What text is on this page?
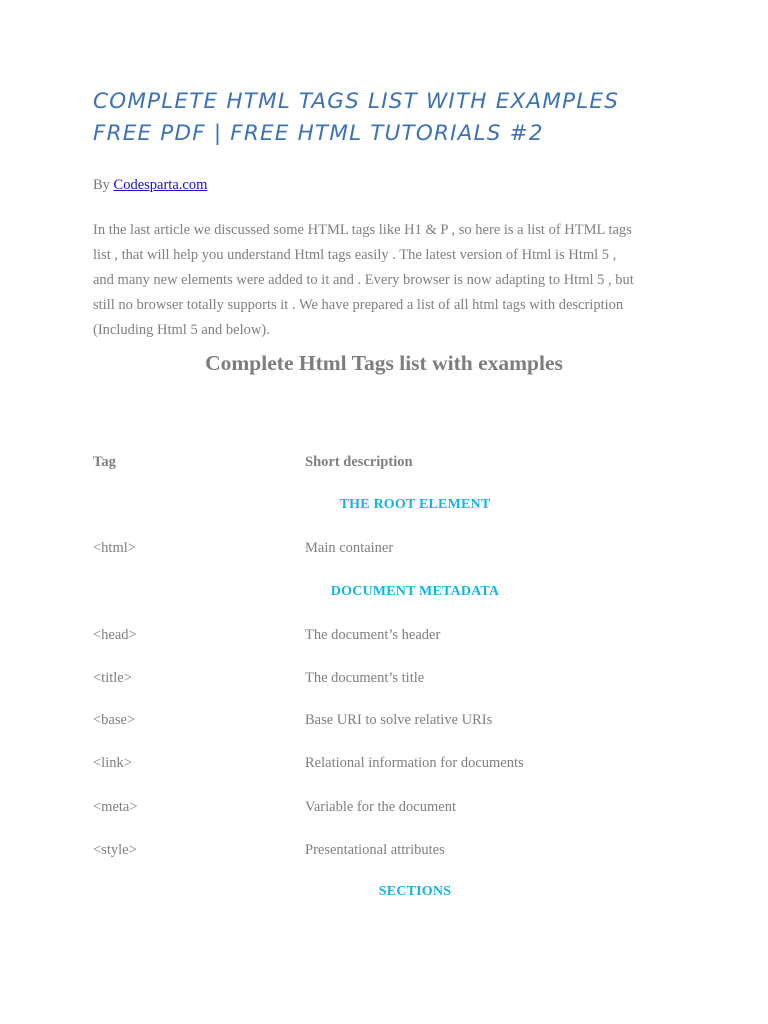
COMPLETE HTML TAGS LIST WITH EXAMPLES
FREE PDF | FREE HTML TUTORIALS #2
By Codesparta.com
In the last article we discussed some HTML tags like H1 & P , so here is a list of HTML tags
list , that will help you understand Html tags easily . The latest version of Html is Html 5 ,
and many new elements were added to it and . Every browser is now adapting to Html 5 , but
still no browser totally supports it . We have prepared a list of all html tags with description
(Including Html 5 and below).
Complete Html Tags list with examples
Tag	Short description
THE ROOT ELEMENT
<html>	Main container
DOCUMENT METADATA
<head>	The document’s header
<title>	The document’s title
<base>	Base URI to solve relative URIs
<link>	Relational information for documents
<meta>	Variable for the document
<style>	Presentational attributes
SECTIONS
